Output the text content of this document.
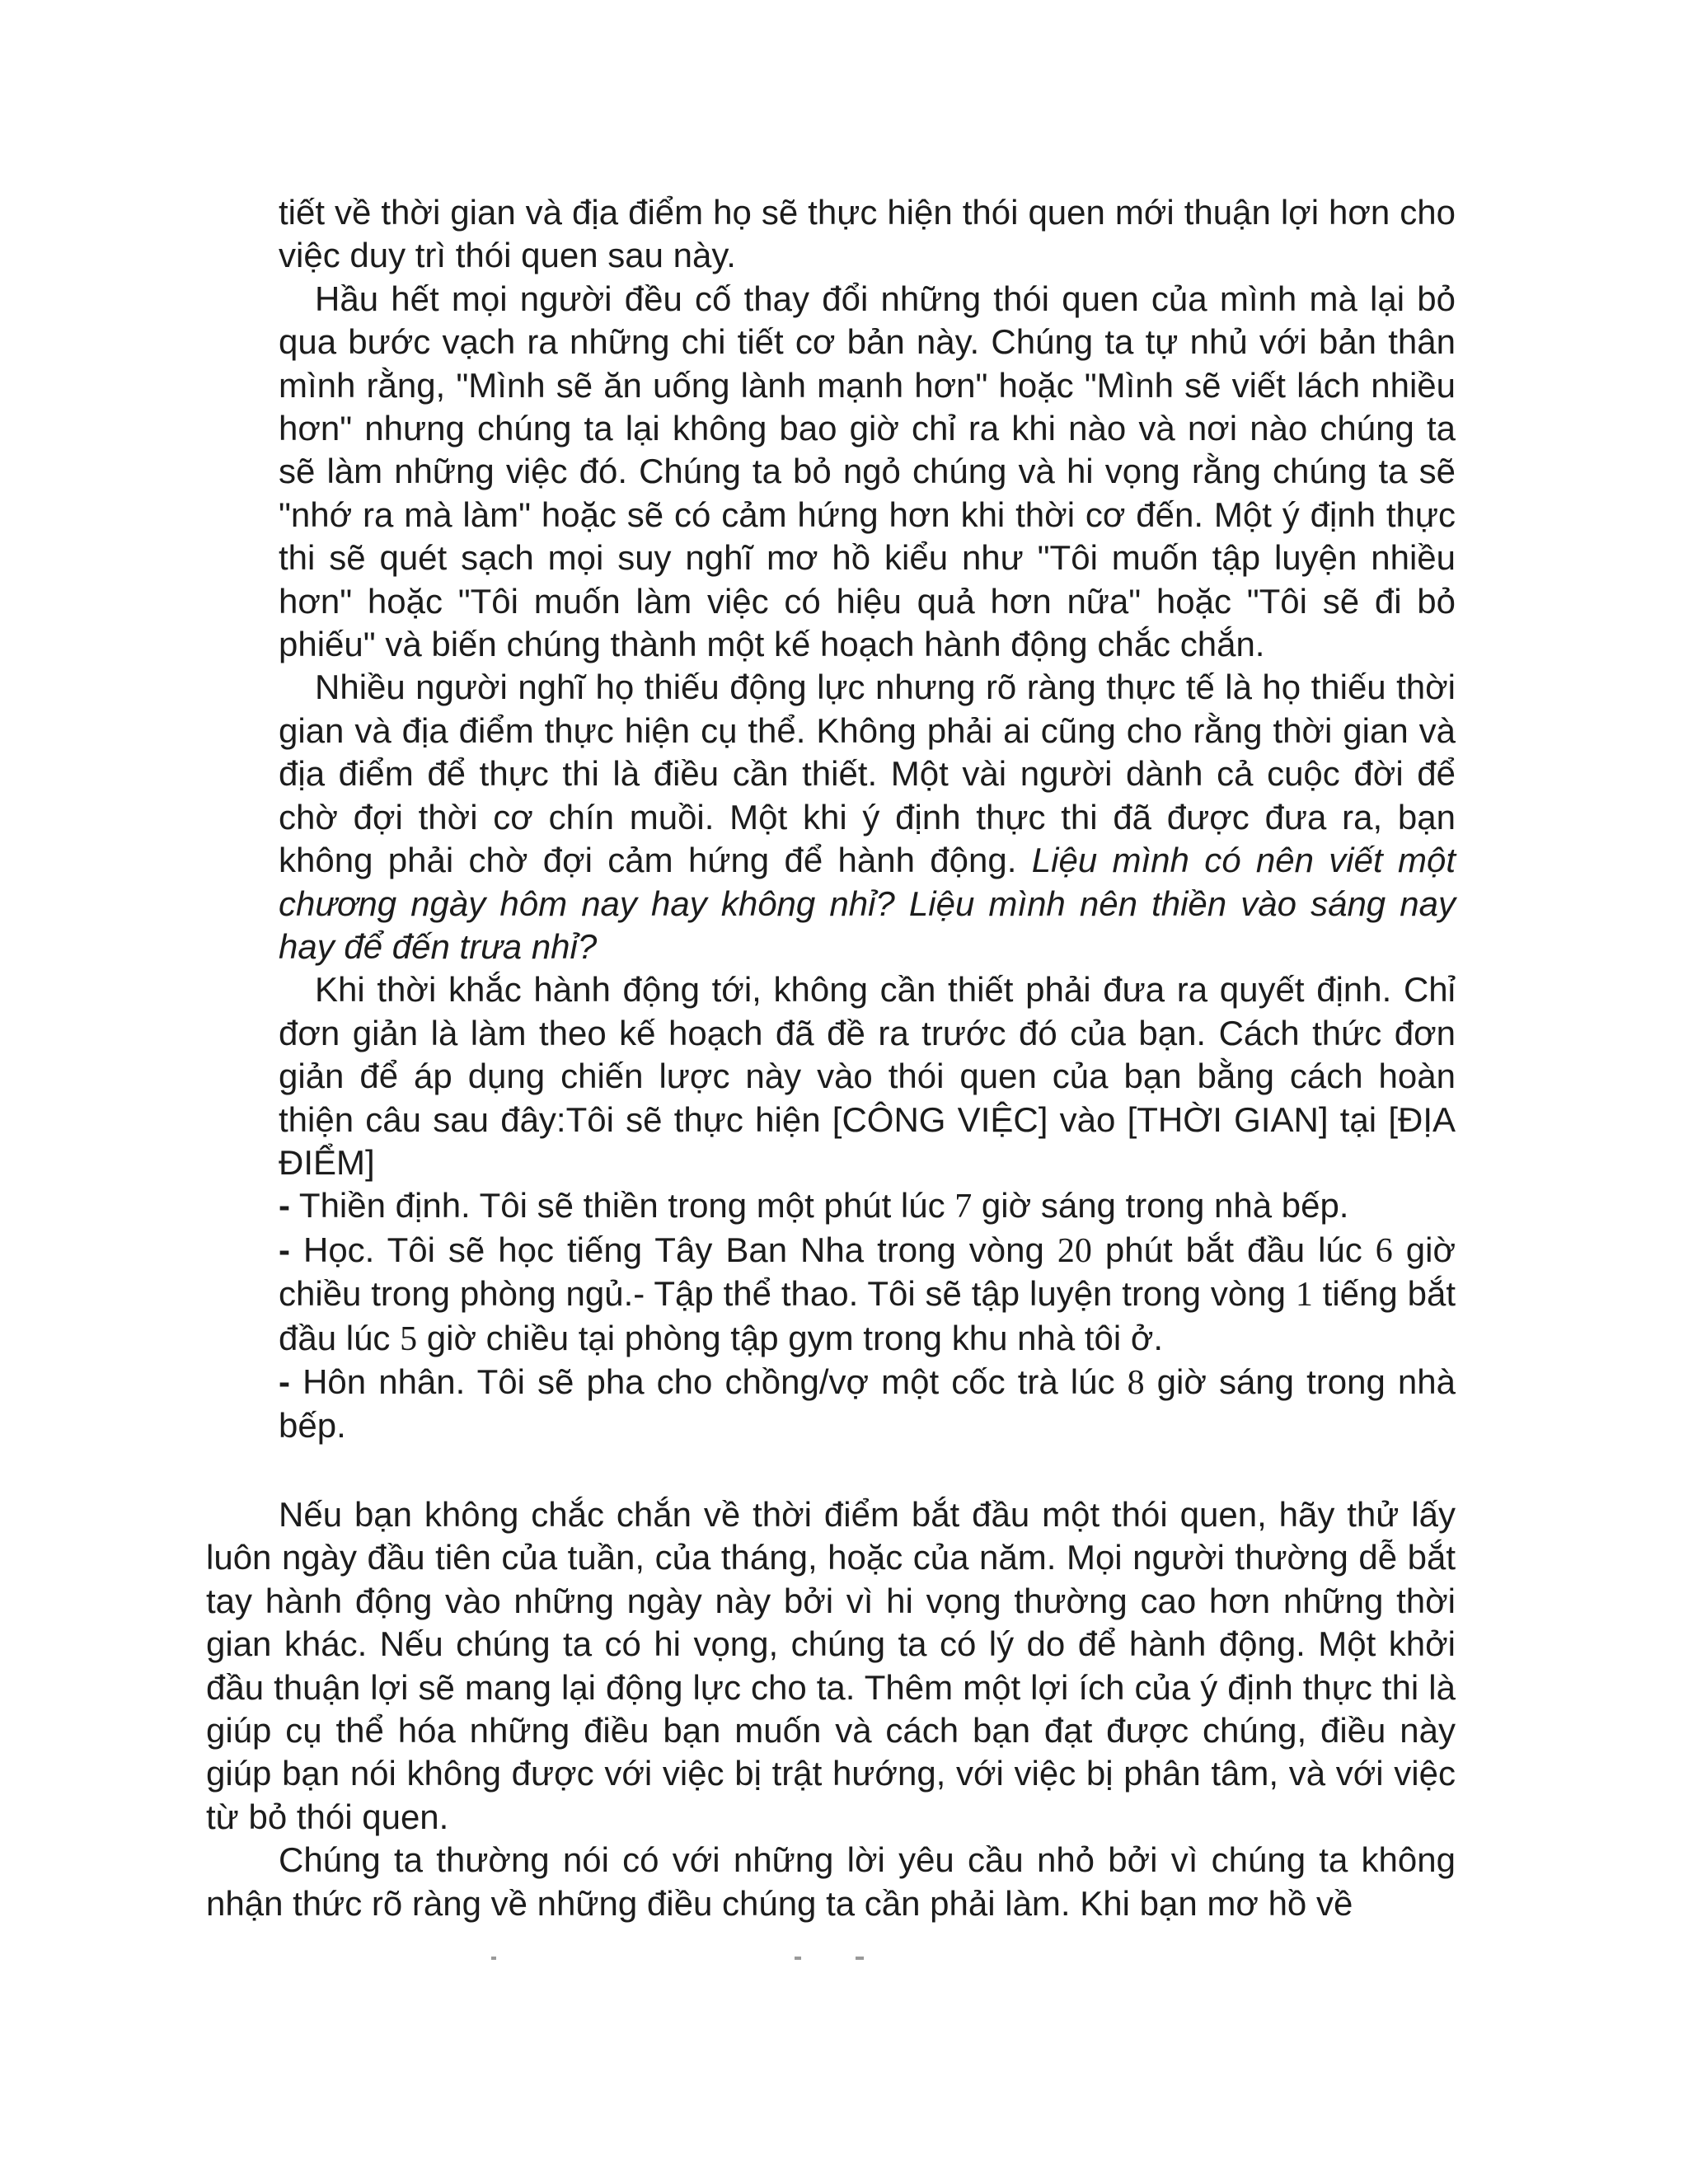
tiết về thời gian và địa điểm họ sẽ thực hiện thói quen mới thuận lợi hơn cho việc duy trì thói quen sau này.

Hầu hết mọi người đều cố thay đổi những thói quen của mình mà lại bỏ qua bước vạch ra những chi tiết cơ bản này. Chúng ta tự nhủ với bản thân mình rằng, "Mình sẽ ăn uống lành mạnh hơn" hoặc "Mình sẽ viết lách nhiều hơn" nhưng chúng ta lại không bao giờ chỉ ra khi nào và nơi nào chúng ta sẽ làm những việc đó. Chúng ta bỏ ngỏ chúng và hi vọng rằng chúng ta sẽ "nhớ ra mà làm" hoặc sẽ có cảm hứng hơn khi thời cơ đến. Một ý định thực thi sẽ quét sạch mọi suy nghĩ mơ hồ kiểu như "Tôi muốn tập luyện nhiều hơn" hoặc "Tôi muốn làm việc có hiệu quả hơn nữa" hoặc "Tôi sẽ đi bỏ phiếu" và biến chúng thành một kế hoạch hành động chắc chắn.

Nhiều người nghĩ họ thiếu động lực nhưng rõ ràng thực tế là họ thiếu thời gian và địa điểm thực hiện cụ thể. Không phải ai cũng cho rằng thời gian và địa điểm để thực thi là điều cần thiết. Một vài người dành cả cuộc đời để chờ đợi thời cơ chín muồi. Một khi ý định thực thi đã được đưa ra, bạn không phải chờ đợi cảm hứng để hành động. Liệu mình có nên viết một chương ngày hôm nay hay không nhỉ? Liệu mình nên thiền vào sáng nay hay để đến trưa nhỉ?

Khi thời khắc hành động tới, không cần thiết phải đưa ra quyết định. Chỉ đơn giản là làm theo kế hoạch đã đề ra trước đó của bạn. Cách thức đơn giản để áp dụng chiến lược này vào thói quen của bạn bằng cách hoàn thiện câu sau đây:Tôi sẽ thực hiện [CÔNG VIỆC] vào [THỜI GIAN] tại [ĐỊA ĐIỂM]

- Thiền định. Tôi sẽ thiền trong một phút lúc 7 giờ sáng trong nhà bếp.

- Học. Tôi sẽ học tiếng Tây Ban Nha trong vòng 20 phút bắt đầu lúc 6 giờ chiều trong phòng ngủ.- Tập thể thao. Tôi sẽ tập luyện trong vòng 1 tiếng bắt đầu lúc 5 giờ chiều tại phòng tập gym trong khu nhà tôi ở.

- Hôn nhân. Tôi sẽ pha cho chồng/vợ một cốc trà lúc 8 giờ sáng trong nhà bếp.

Nếu bạn không chắc chắn về thời điểm bắt đầu một thói quen, hãy thử lấy luôn ngày đầu tiên của tuần, của tháng, hoặc của năm. Mọi người thường dễ bắt tay hành động vào những ngày này bởi vì hi vọng thường cao hơn những thời gian khác. Nếu chúng ta có hi vọng, chúng ta có lý do để hành động. Một khởi đầu thuận lợi sẽ mang lại động lực cho ta. Thêm một lợi ích của ý định thực thi là giúp cụ thể hóa những điều bạn muốn và cách bạn đạt được chúng, điều này giúp bạn nói không được với việc bị trật hướng, với việc bị phân tâm, và với việc từ bỏ thói quen.

Chúng ta thường nói có với những lời yêu cầu nhỏ bởi vì chúng ta không nhận thức rõ ràng về những điều chúng ta cần phải làm. Khi bạn mơ hồ về
